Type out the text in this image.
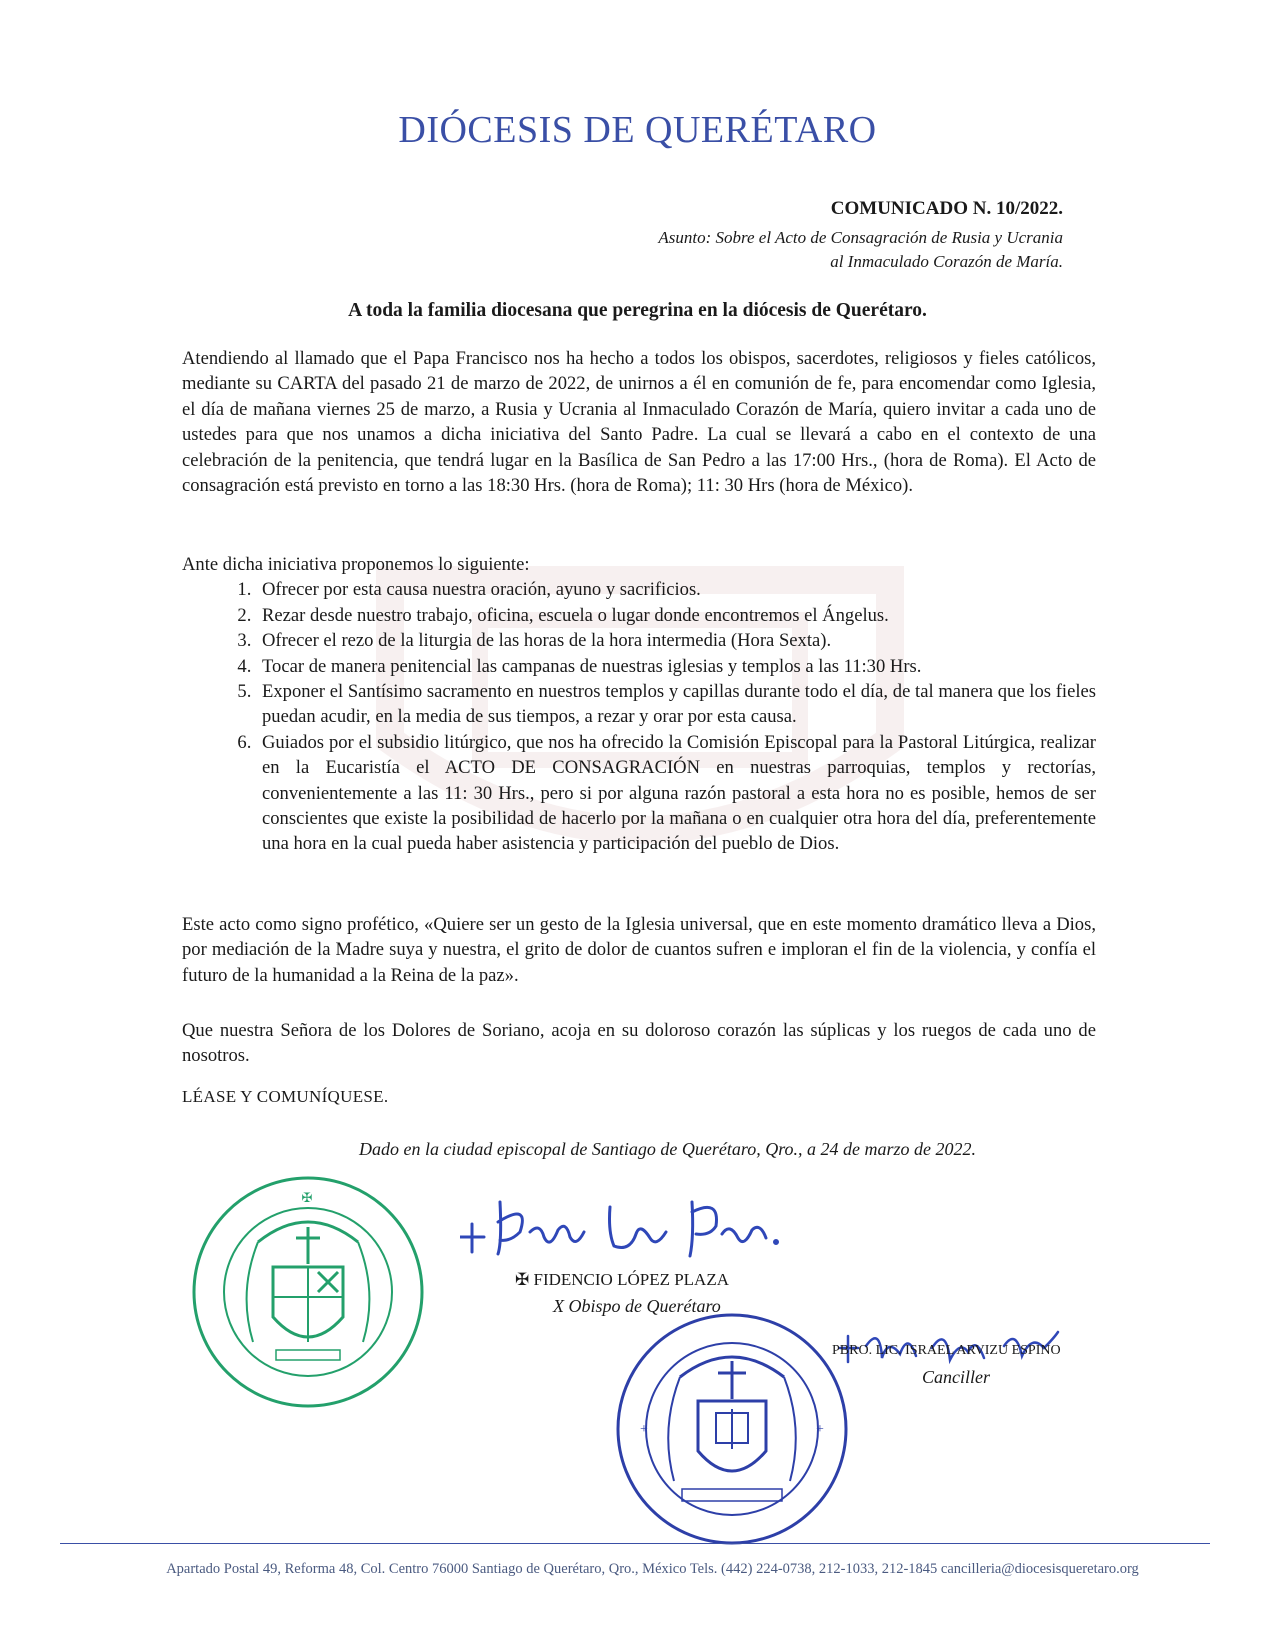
DIÓCESIS DE QUERÉTARO
COMUNICADO N. 10/2022.
Asunto: Sobre el Acto de Consagración de Rusia y Ucrania
al Inmaculado Corazón de María.
A toda la familia diocesana que peregrina en la diócesis de Querétaro.
Atendiendo al llamado que el Papa Francisco nos ha hecho a todos los obispos, sacerdotes, religiosos y fieles católicos, mediante su CARTA del pasado 21 de marzo de 2022, de unirnos a él en comunión de fe, para encomendar como Iglesia, el día de mañana viernes 25 de marzo, a Rusia y Ucrania al Inmaculado Corazón de María, quiero invitar a cada uno de ustedes para que nos unamos a dicha iniciativa del Santo Padre. La cual se llevará a cabo en el contexto de una celebración de la penitencia, que tendrá lugar en la Basílica de San Pedro a las 17:00 Hrs., (hora de Roma). El Acto de consagración está previsto en torno a las 18:30 Hrs. (hora de Roma); 11: 30 Hrs (hora de México).
Ante dicha iniciativa proponemos lo siguiente:
1. Ofrecer por esta causa nuestra oración, ayuno y sacrificios.
2. Rezar desde nuestro trabajo, oficina, escuela o lugar donde encontremos el Ángelus.
3. Ofrecer el rezo de la liturgia de las horas de la hora intermedia (Hora Sexta).
4. Tocar de manera penitencial las campanas de nuestras iglesias y templos a las 11:30 Hrs.
5. Exponer el Santísimo sacramento en nuestros templos y capillas durante todo el día, de tal manera que los fieles puedan acudir, en la media de sus tiempos, a rezar y orar por esta causa.
6. Guiados por el subsidio litúrgico, que nos ha ofrecido la Comisión Episcopal para la Pastoral Litúrgica, realizar en la Eucaristía el ACTO DE CONSAGRACIÓN en nuestras parroquias, templos y rectorías, convenientemente a las 11: 30 Hrs., pero si por alguna razón pastoral a esta hora no es posible, hemos de ser conscientes que existe la posibilidad de hacerlo por la mañana o en cualquier otra hora del día, preferentemente una hora en la cual pueda haber asistencia y participación del pueblo de Dios.
Este acto como signo profético, «Quiere ser un gesto de la Iglesia universal, que en este momento dramático lleva a Dios, por mediación de la Madre suya y nuestra, el grito de dolor de cuantos sufren e imploran el fin de la violencia, y confía el futuro de la humanidad a la Reina de la paz».
Que nuestra Señora de los Dolores de Soriano, acoja en su doloroso corazón las súplicas y los ruegos de cada uno de nosotros.
LÉASE Y COMUNÍQUESE.
Dado en la ciudad episcopal de Santiago de Querétaro, Qro., a 24 de marzo de 2022.
✠
+	+
✠ FIDENCIO LÓPEZ PLAZA
X Obispo de Querétaro
PBRO. LIC. ISRAEL ARVIZU ESPINO
Canciller
Apartado Postal 49, Reforma 48, Col. Centro 76000 Santiago de Querétaro, Qro., México Tels. (442) 224-0738, 212-1033, 212-1845 cancilleria@diocesisqueretaro.org
